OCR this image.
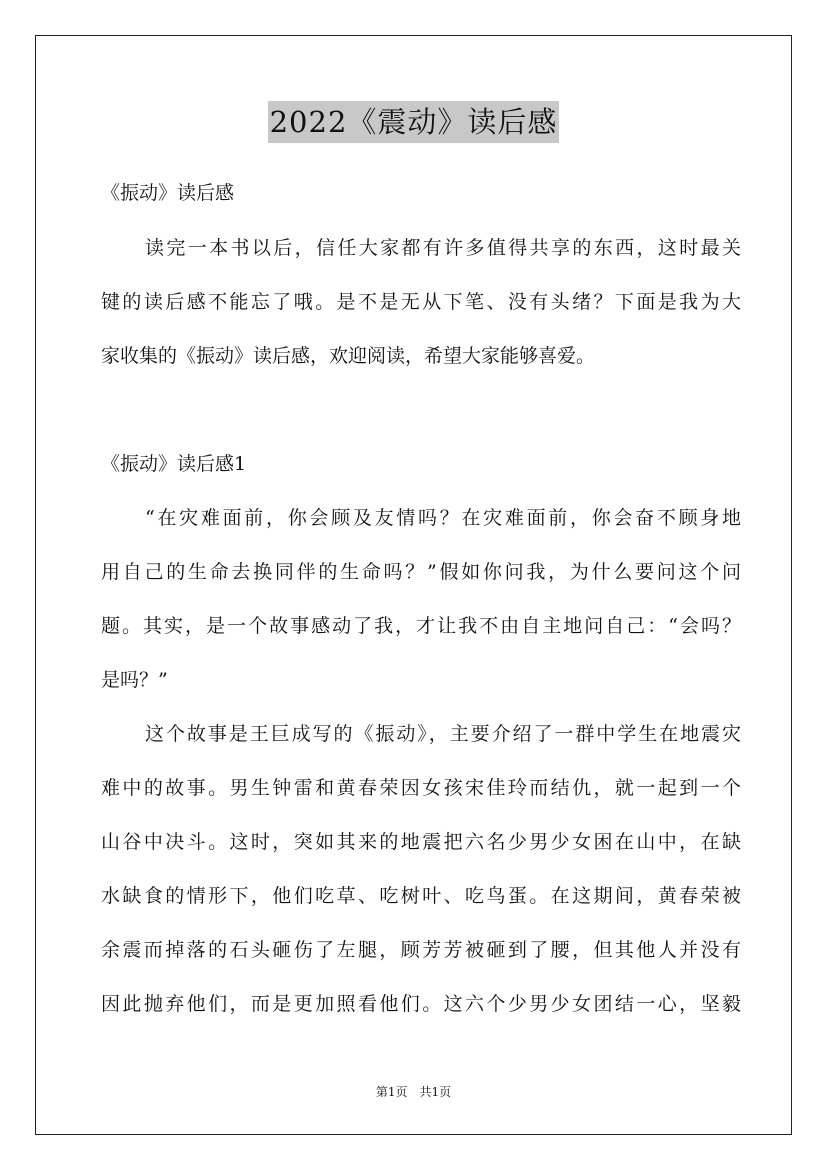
2022《震动》读后感

《振动》读后感

读完一本书以后，信任大家都有许多值得共享的东西，这时最关

键的读后感不能忘了哦。是不是无从下笔、没有头绪？下面是我为大

家收集的《振动》读后感，欢迎阅读，希望大家能够喜爱。

《振动》读后感1

“在灾难面前，你会顾及友情吗？在灾难面前，你会奋不顾身地

用自己的生命去换同伴的生命吗？”假如你问我，为什么要问这个问

题。其实，是一个故事感动了我，才让我不由自主地问自己：“会吗？

是吗？”

这个故事是王巨成写的《振动》，主要介绍了一群中学生在地震灾

难中的故事。男生钟雷和黄春荣因女孩宋佳玲而结仇，就一起到一个

山谷中决斗。这时，突如其来的地震把六名少男少女困在山中，在缺

水缺食的情形下，他们吃草、吃树叶、吃鸟蛋。在这期间，黄春荣被

余震而掉落的石头砸伤了左腿，顾芳芳被砸到了腰，但其他人并没有

因此抛弃他们，而是更加照看他们。这六个少男少女团结一心，坚毅

第1页　共1页
